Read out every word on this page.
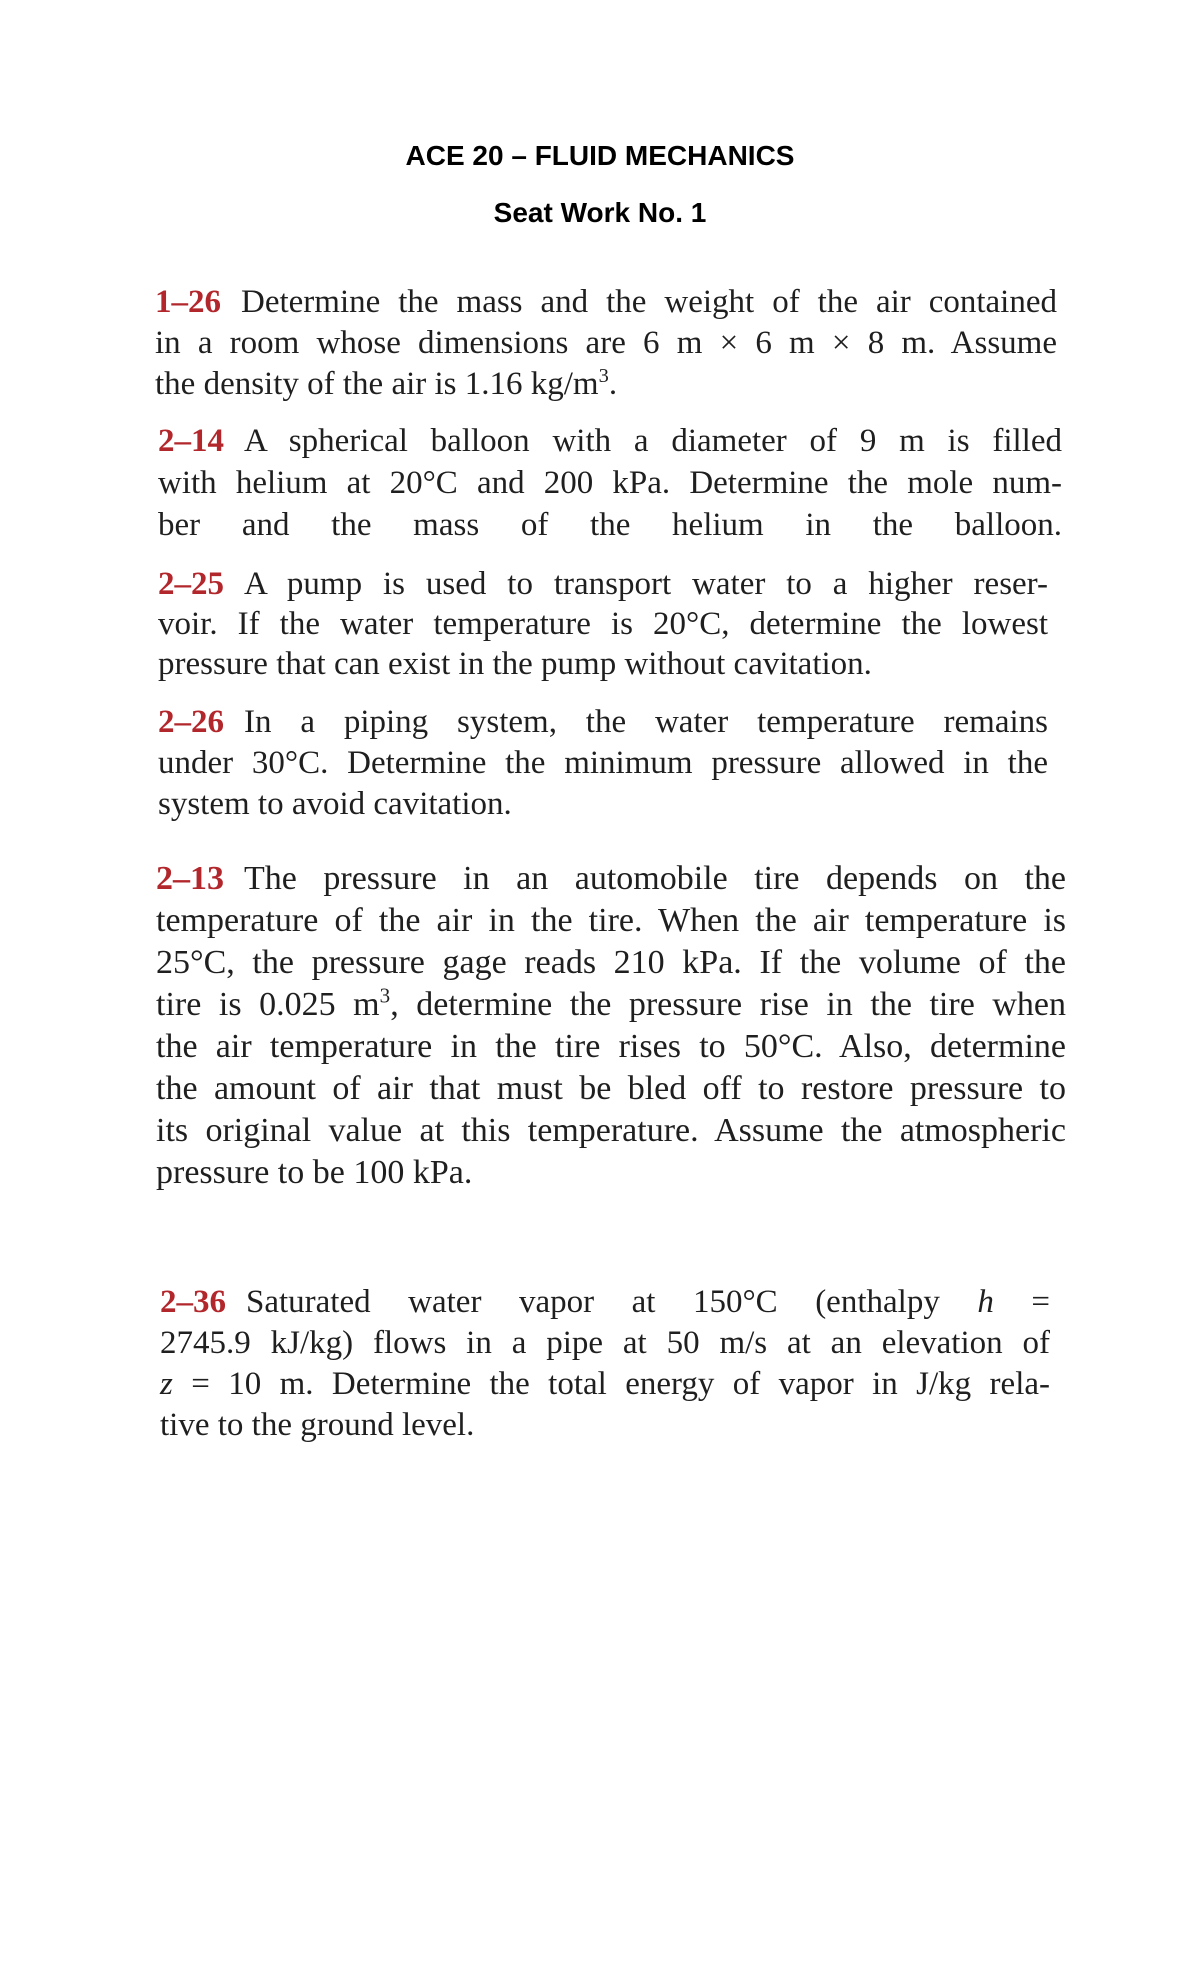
ACE 20 – FLUID MECHANICS
Seat Work No. 1
1–26 Determine the mass and the weight of the air contained
in a room whose dimensions are 6 m × 6 m × 8 m. Assume
the density of the air is 1.16 $kg/m^3$.
2–14 A spherical balloon with a diameter of 9 m is filled
with helium at 20°C and 200 kPa. Determine the mole num-
ber and the mass of the helium in the balloon.
2–25 A pump is used to transport water to a higher reser-
voir. If the water temperature is 20°C, determine the lowest
pressure that can exist in the pump without cavitation.
2–26 In a piping system, the water temperature remains
under 30°C. Determine the minimum pressure allowed in the
system to avoid cavitation.
2–13 The pressure in an automobile tire depends on the
temperature of the air in the tire. When the air temperature is
25°C, the pressure gage reads 210 kPa. If the volume of the
tire is 0.025 $m^3$, determine the pressure rise in the tire when
the air temperature in the tire rises to 50°C. Also, determine
the amount of air that must be bled off to restore pressure to
its original value at this temperature. Assume the atmospheric
pressure to be 100 kPa.
2–36 Saturated water vapor at 150°C (enthalpy h =
2745.9 kJ/kg) flows in a pipe at 50 m/s at an elevation of
z = 10 m. Determine the total energy of vapor in J/kg rela-
tive to the ground level.
